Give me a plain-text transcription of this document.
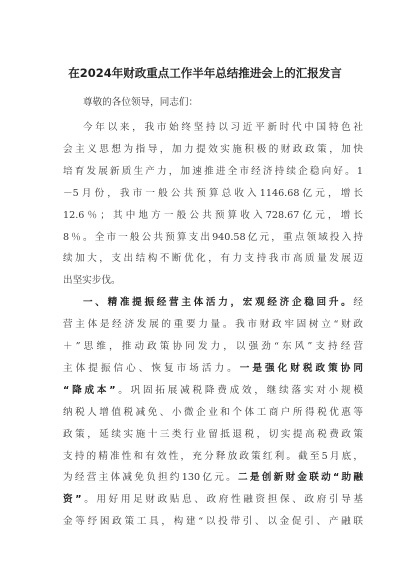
在2024年财政重点工作半年总结推进会上的汇报发言
尊敬的各位领导，同志们：
今年以来，我市始终坚持以习近平新时代中国特色社
会主义思想为指导，加力提效实施积极的财政政策，加快
培育发展新质生产力，加速推进全市经济持续企稳向好。1
－5月份，我市一般公共预算总收入1146.68亿元，增长
12.6％；其中地方一般公共预算收入728.67亿元，增长
8％。全市一般公共预算支出940.58亿元，重点领域投入持
续加大，支出结构不断优化，有力支持我市高质量发展迈
出坚实步伐。
一、精准提振经营主体活力，宏观经济企稳回升。经
营主体是经济发展的重要力量。我市财政牢固树立“财政
＋”思维，推动政策协同发力，以强劲“东风”支持经营
主体提振信心、恢复市场活力。一是强化财税政策协同
“降成本”。巩固拓展减税降费成效，继续落实对小规模
纳税人增值税减免、小微企业和个体工商户所得税优惠等
政策，延续实施十三类行业留抵退税，切实提高税费政策
支持的精准性和有效性，充分释放政策红利。截至5月底，
为经营主体减免负担约130亿元。二是创新财金联动“助融
资”。用好用足财政贴息、政府性融资担保、政府引导基
金等纾困政策工具，构建“以投带引、以金促引、产融联
